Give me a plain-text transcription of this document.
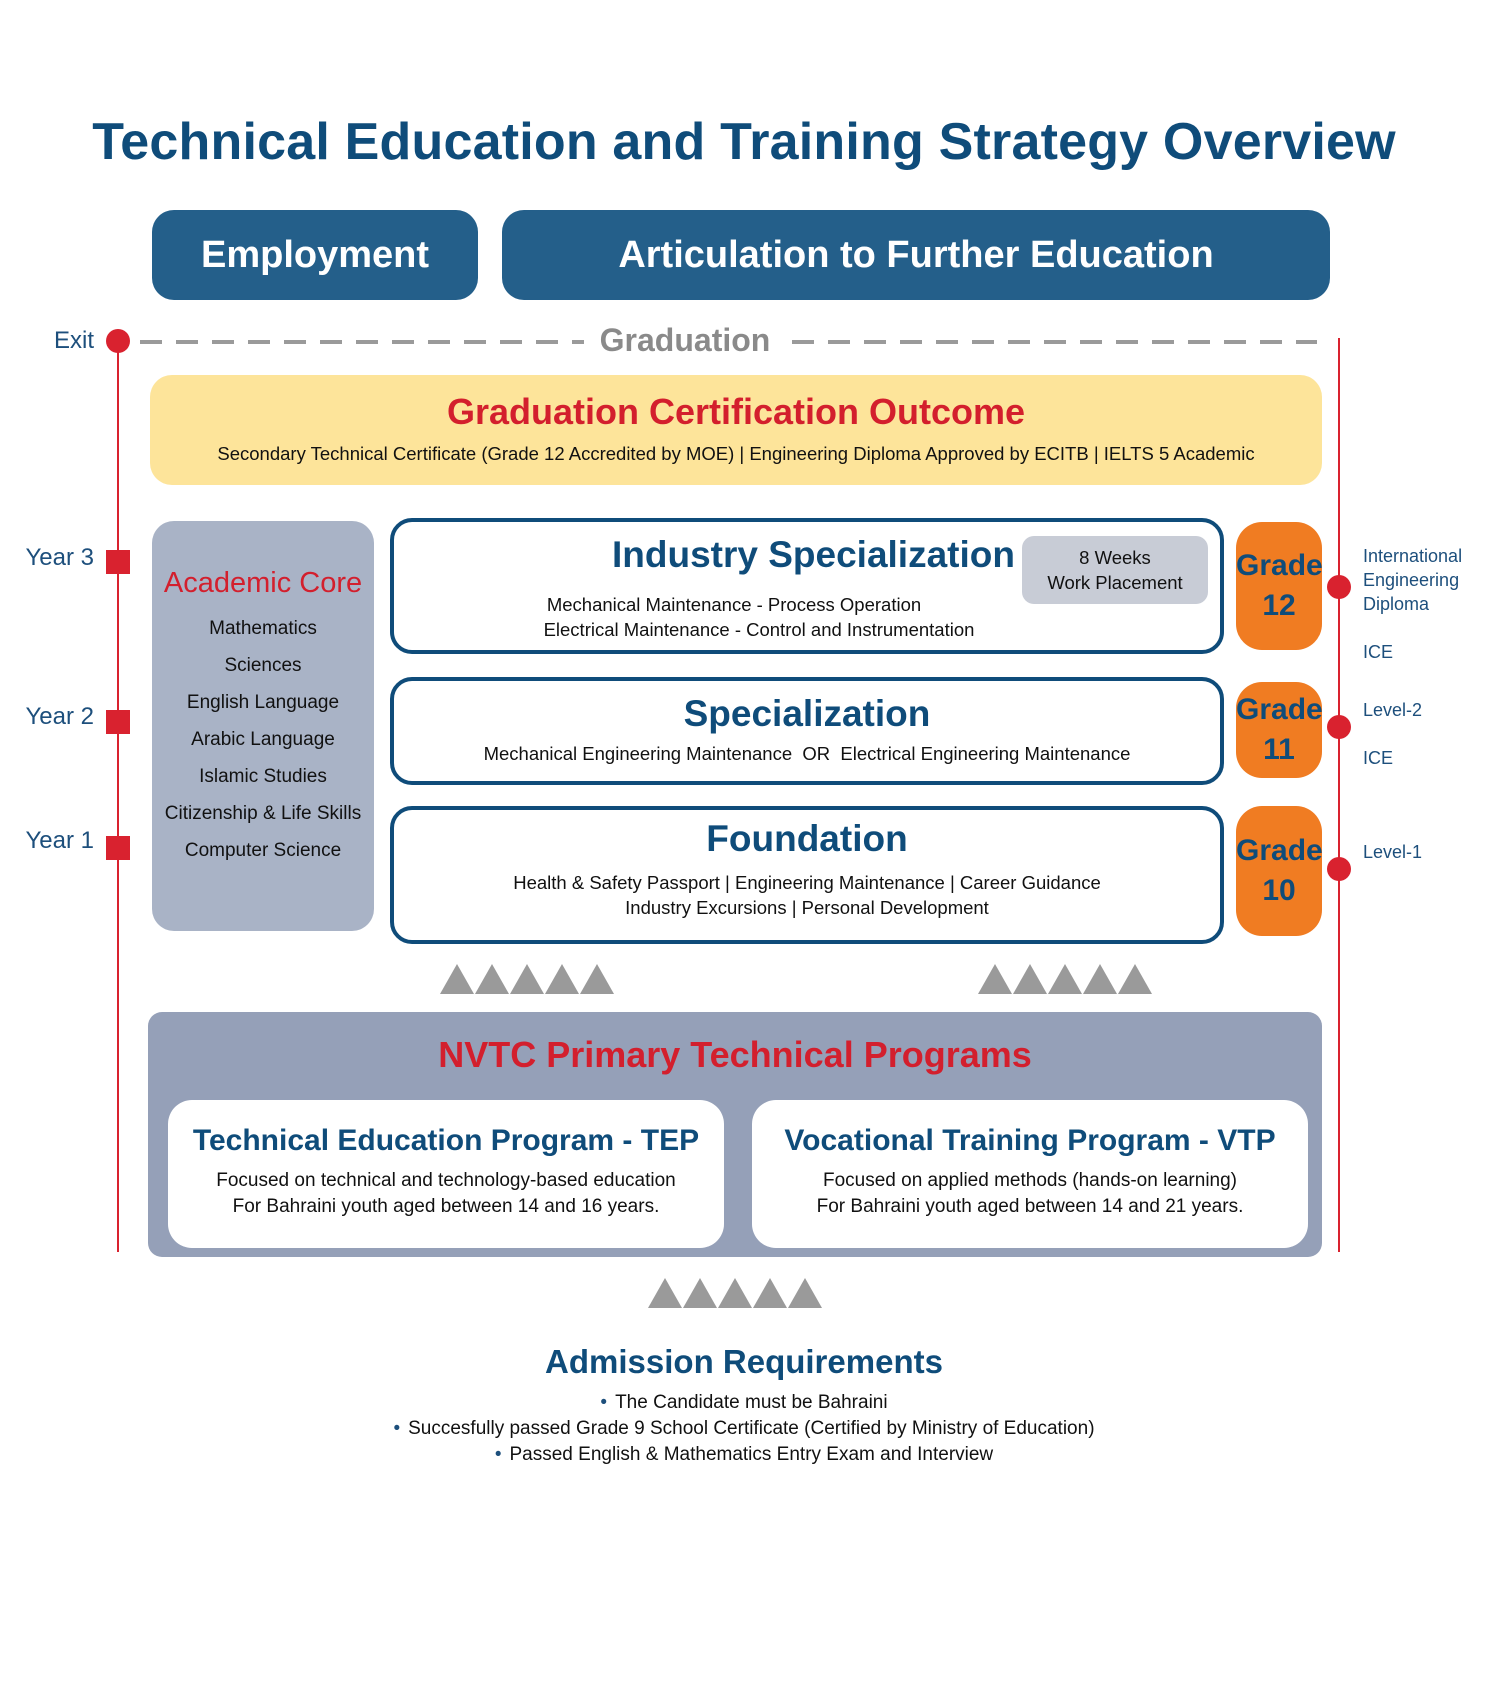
Technical Education and Training Strategy Overview
Employment	Articulation to Further Education
Exit	Graduation
Year 3
Year 2
Year 1
International
Engineering
Diploma
ICE
Level-2
ICE
Level-1
Graduation Certification Outcome
Secondary Technical Certificate (Grade 12 Accredited by MOE) | Engineering Diploma Approved by ECITB | IELTS 5 Academic
Academic Core
Mathematics
Sciences
English Language
Arabic Language
Islamic Studies
Citizenship & Life Skills
Computer Science
Industry Specialization
Mechanical Maintenance - Process Operation
Electrical Maintenance - Control and Instrumentation
8 Weeks
Work Placement
Specialization
Mechanical Engineering Maintenance  OR  Electrical Engineering Maintenance
Foundation
Health & Safety Passport | Engineering Maintenance | Career Guidance
Industry Excursions | Personal Development
Grade
12
Grade
11
Grade
10
NVTC Primary Technical Programs
Technical Education Program - TEP
Focused on technical and technology-based education
For Bahraini youth aged between 14 and 16 years.
Vocational Training Program - VTP
Focused on applied methods (hands-on learning)
For Bahraini youth aged between 14 and 21 years.
Admission Requirements
• The Candidate must be Bahraini
• Succesfully passed Grade 9 School Certificate (Certified by Ministry of Education)
• Passed English & Mathematics Entry Exam and Interview
